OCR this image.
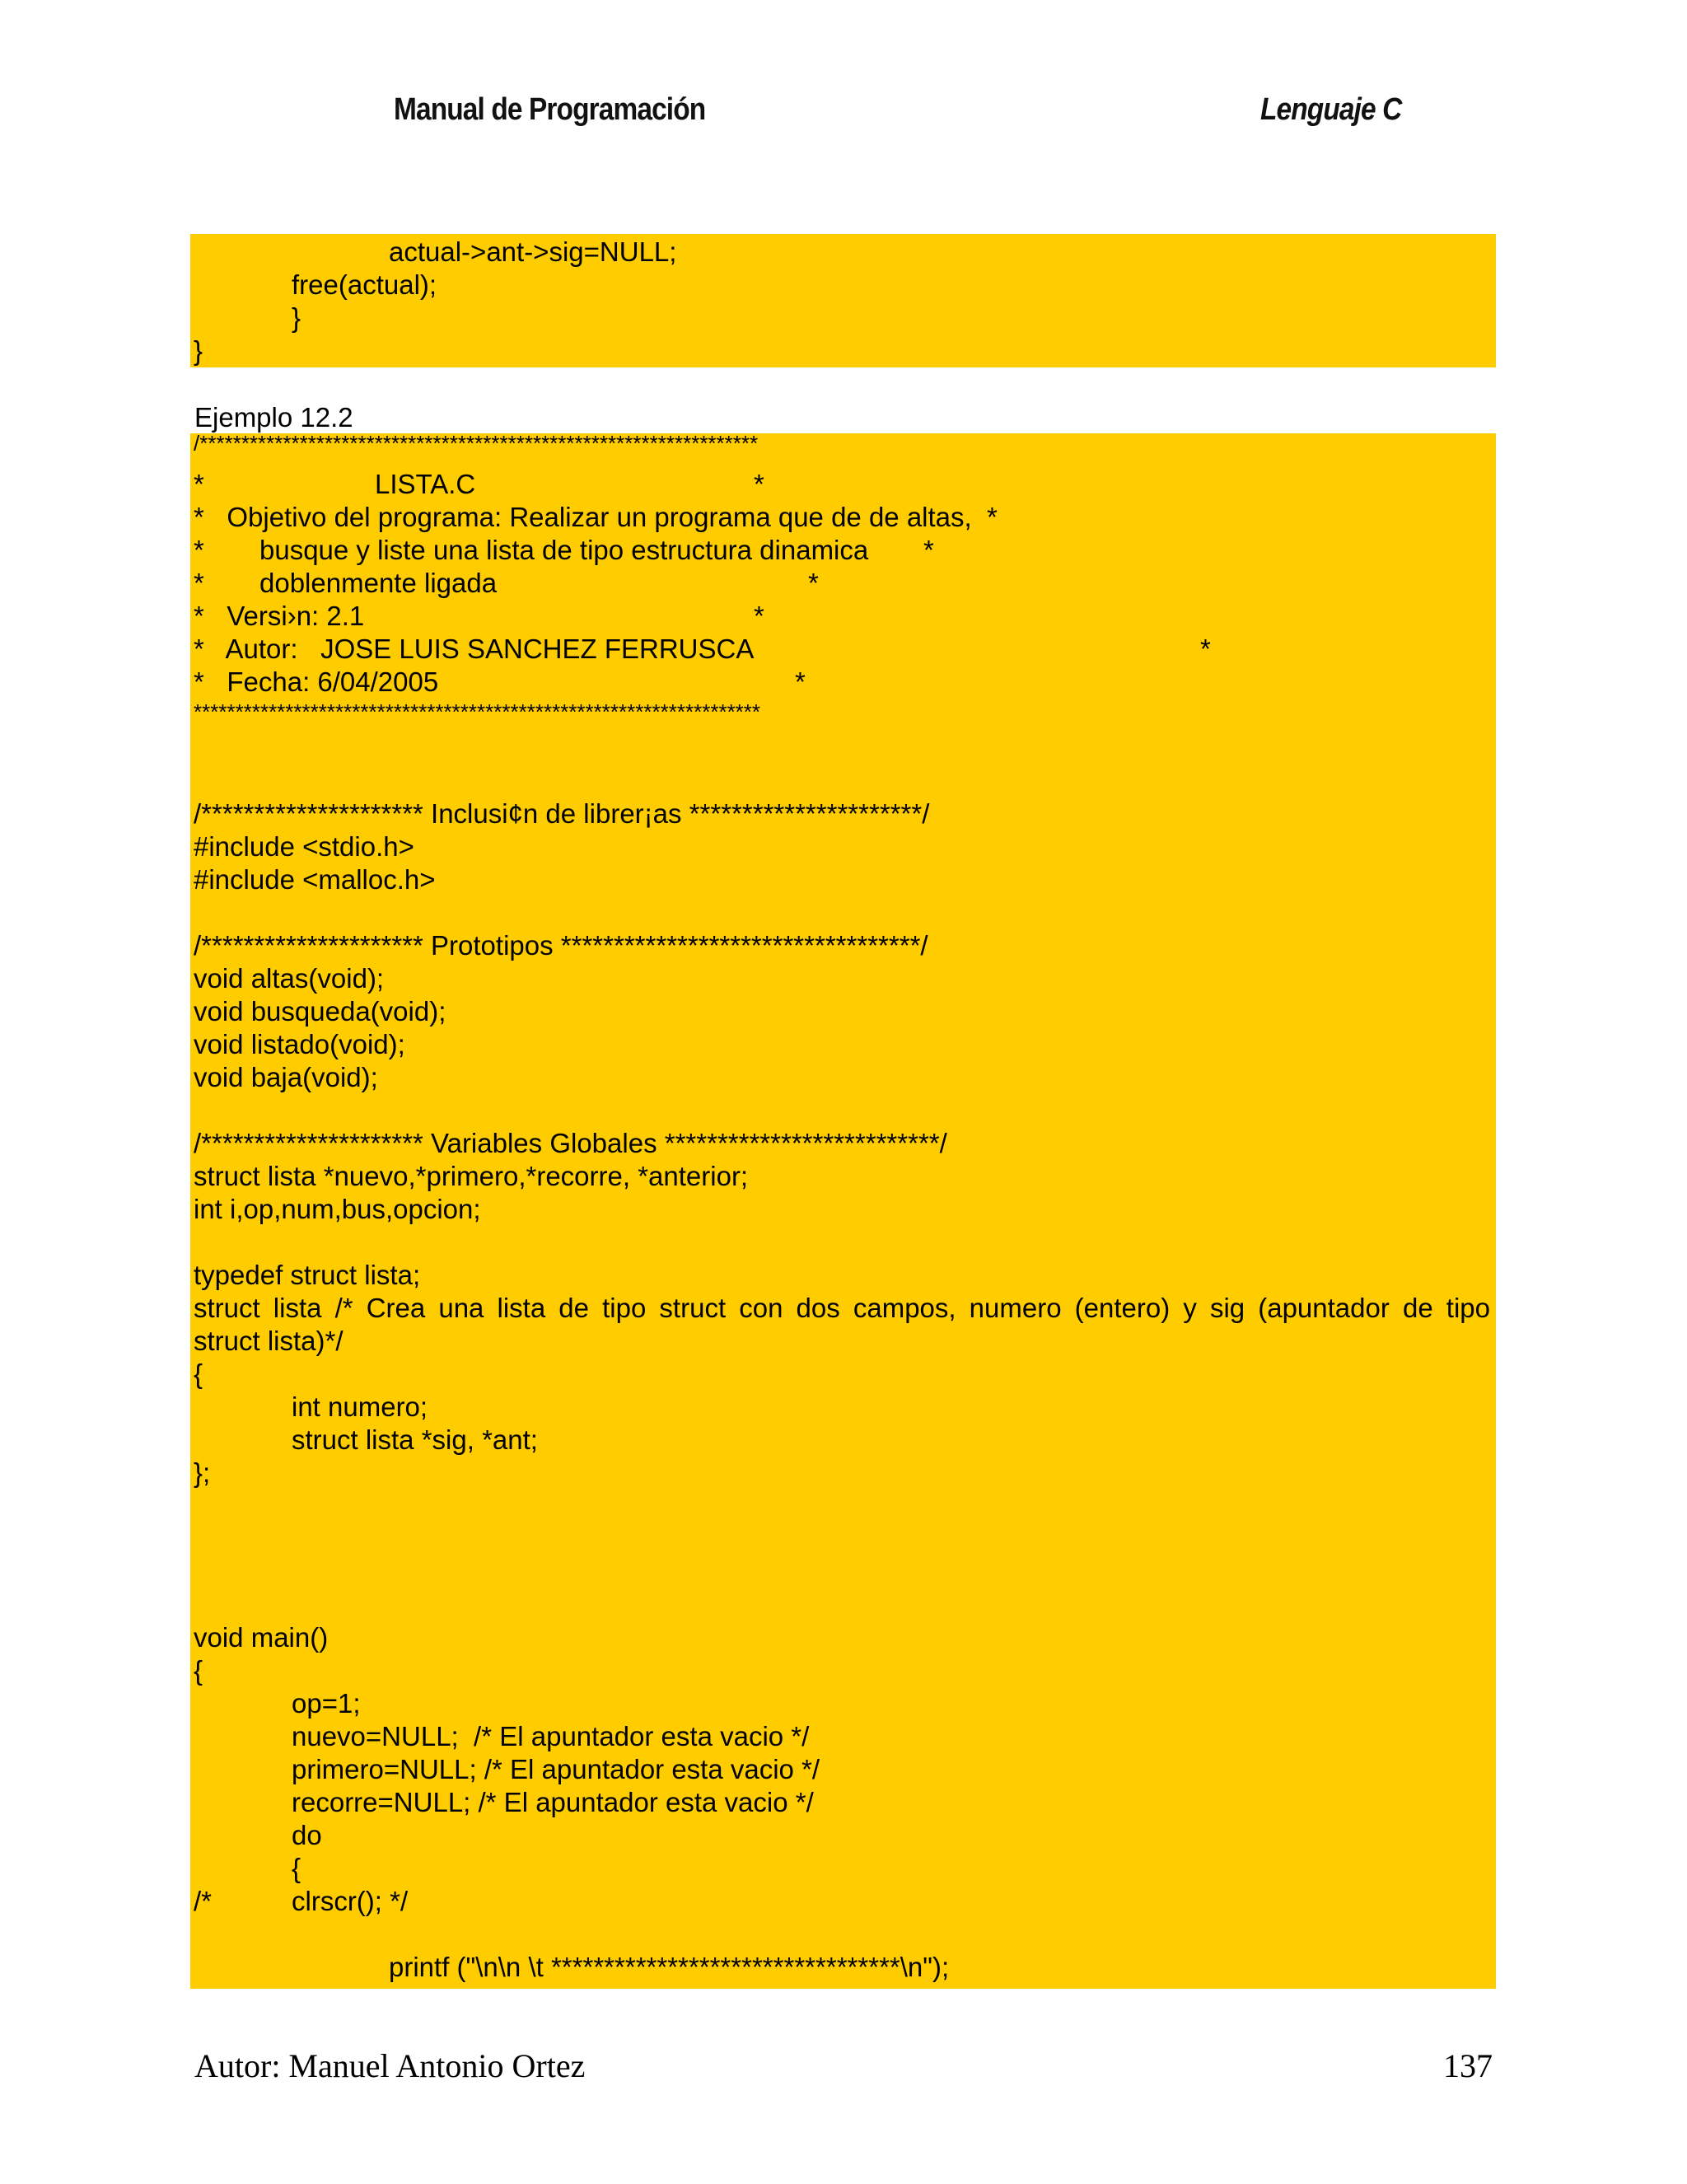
Manual de Programación	Lenguaje C
actual->ant->sig=NULL;
free(actual);
}
}
Ejemplo 12.2
/*******************************************************************
*	LISTA.C	*
*   Objetivo del programa: Realizar un programa que de de altas,  *
* busque y liste una lista de tipo estructura dinamica *
* doblenmente ligada	*
*   Versi›n: 2.1	*
*   Autor:   JOSE LUIS SANCHEZ FERRUSCA	*
*   Fecha: 6/04/2005	*
********************************************************************
/********************* Inclusi¢n de librer¡as **********************/
#include <stdio.h>
#include <malloc.h>
/********************* Prototipos **********************************/
void altas(void);
void busqueda(void);
void listado(void);
void baja(void);
/********************* Variables Globales **************************/
struct lista *nuevo,*primero,*recorre, *anterior;
int i,op,num,bus,opcion;
typedef struct lista;
struct lista /* Crea una lista de tipo struct con dos campos, numero (entero) y sig (apuntador de tipo
struct lista)*/
{
int numero;
struct lista *sig, *ant;
};
void main()
{
op=1;
nuevo=NULL;  /* El apuntador esta vacio */
primero=NULL; /* El apuntador esta vacio */
recorre=NULL; /* El apuntador esta vacio */
do
{
/*	clrscr(); */
printf ("\n\n \t *********************************\n");
Autor: Manuel Antonio Ortez	137
